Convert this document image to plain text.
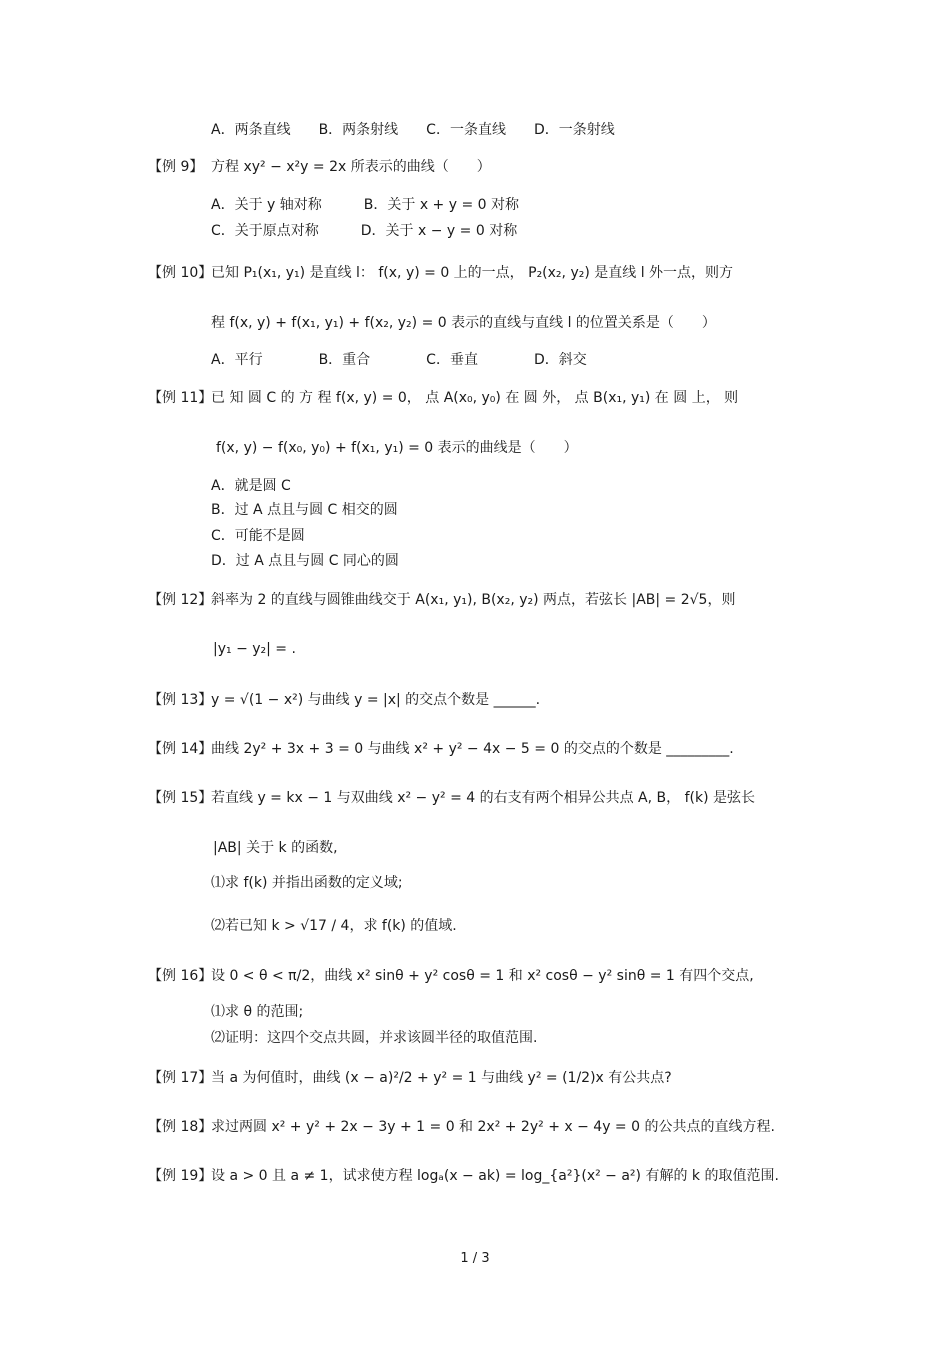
A．两条直线　　B．两条射线　　C．一条直线　　D．一条射线
【例 9】 方程 xy² − x²y = 2x 所表示的曲线（　　）
A．关于 y 轴对称　　　B．关于 x + y = 0 对称
C．关于原点对称　　　D．关于 x − y = 0 对称
【例 10】
已知 P₁(x₁, y₁) 是直线 l： f(x, y) = 0 上的一点， P₂(x₂, y₂) 是直线 l 外一点，则方
程 f(x, y) + f(x₁, y₁) + f(x₂, y₂) = 0 表示的直线与直线 l 的位置关系是（　　）
A．平行　　　　B．重合　　　　C．垂直　　　　D．斜交
【例 11】
已 知 圆 C 的 方 程 f(x, y) = 0， 点 A(x₀, y₀) 在 圆 外， 点 B(x₁, y₁) 在 圆 上， 则
f(x, y) − f(x₀, y₀) + f(x₁, y₁) = 0 表示的曲线是（　　）
A．就是圆 C
B．过 A 点且与圆 C 相交的圆
C．可能不是圆
D．过 A 点且与圆 C 同心的圆
【例 12】
斜率为 2 的直线与圆锥曲线交于 A(x₁, y₁), B(x₂, y₂) 两点，若弦长 |AB| = 2√5，则
|y₁ − y₂| = .
【例 13】
y = √(1 − x²) 与曲线 y = |x| 的交点个数是 ______.
【例 14】
曲线 2y² + 3x + 3 = 0 与曲线 x² + y² − 4x − 5 = 0 的交点的个数是 _________.
【例 15】
若直线 y = kx − 1 与双曲线 x² − y² = 4 的右支有两个相异公共点 A, B， f(k) 是弦长
|AB| 关于 k 的函数,
⑴求 f(k) 并指出函数的定义域;
⑵若已知 k > √17 / 4，求 f(k) 的值域.
【例 16】
设 0 < θ < π/2，曲线 x² sinθ + y² cosθ = 1 和 x² cosθ − y² sinθ = 1 有四个交点,
⑴求 θ 的范围;
⑵证明：这四个交点共圆，并求该圆半径的取值范围.
【例 17】
当 a 为何值时，曲线 (x − a)²/2 + y² = 1 与曲线 y² = (1/2)x 有公共点?
【例 18】
求过两圆 x² + y² + 2x − 3y + 1 = 0 和 2x² + 2y² + x − 4y = 0 的公共点的直线方程.
【例 19】
设 a > 0 且 a ≠ 1，试求使方程 logₐ(x − ak) = log_{a²}(x² − a²) 有解的 k 的取值范围.
1 / 3
